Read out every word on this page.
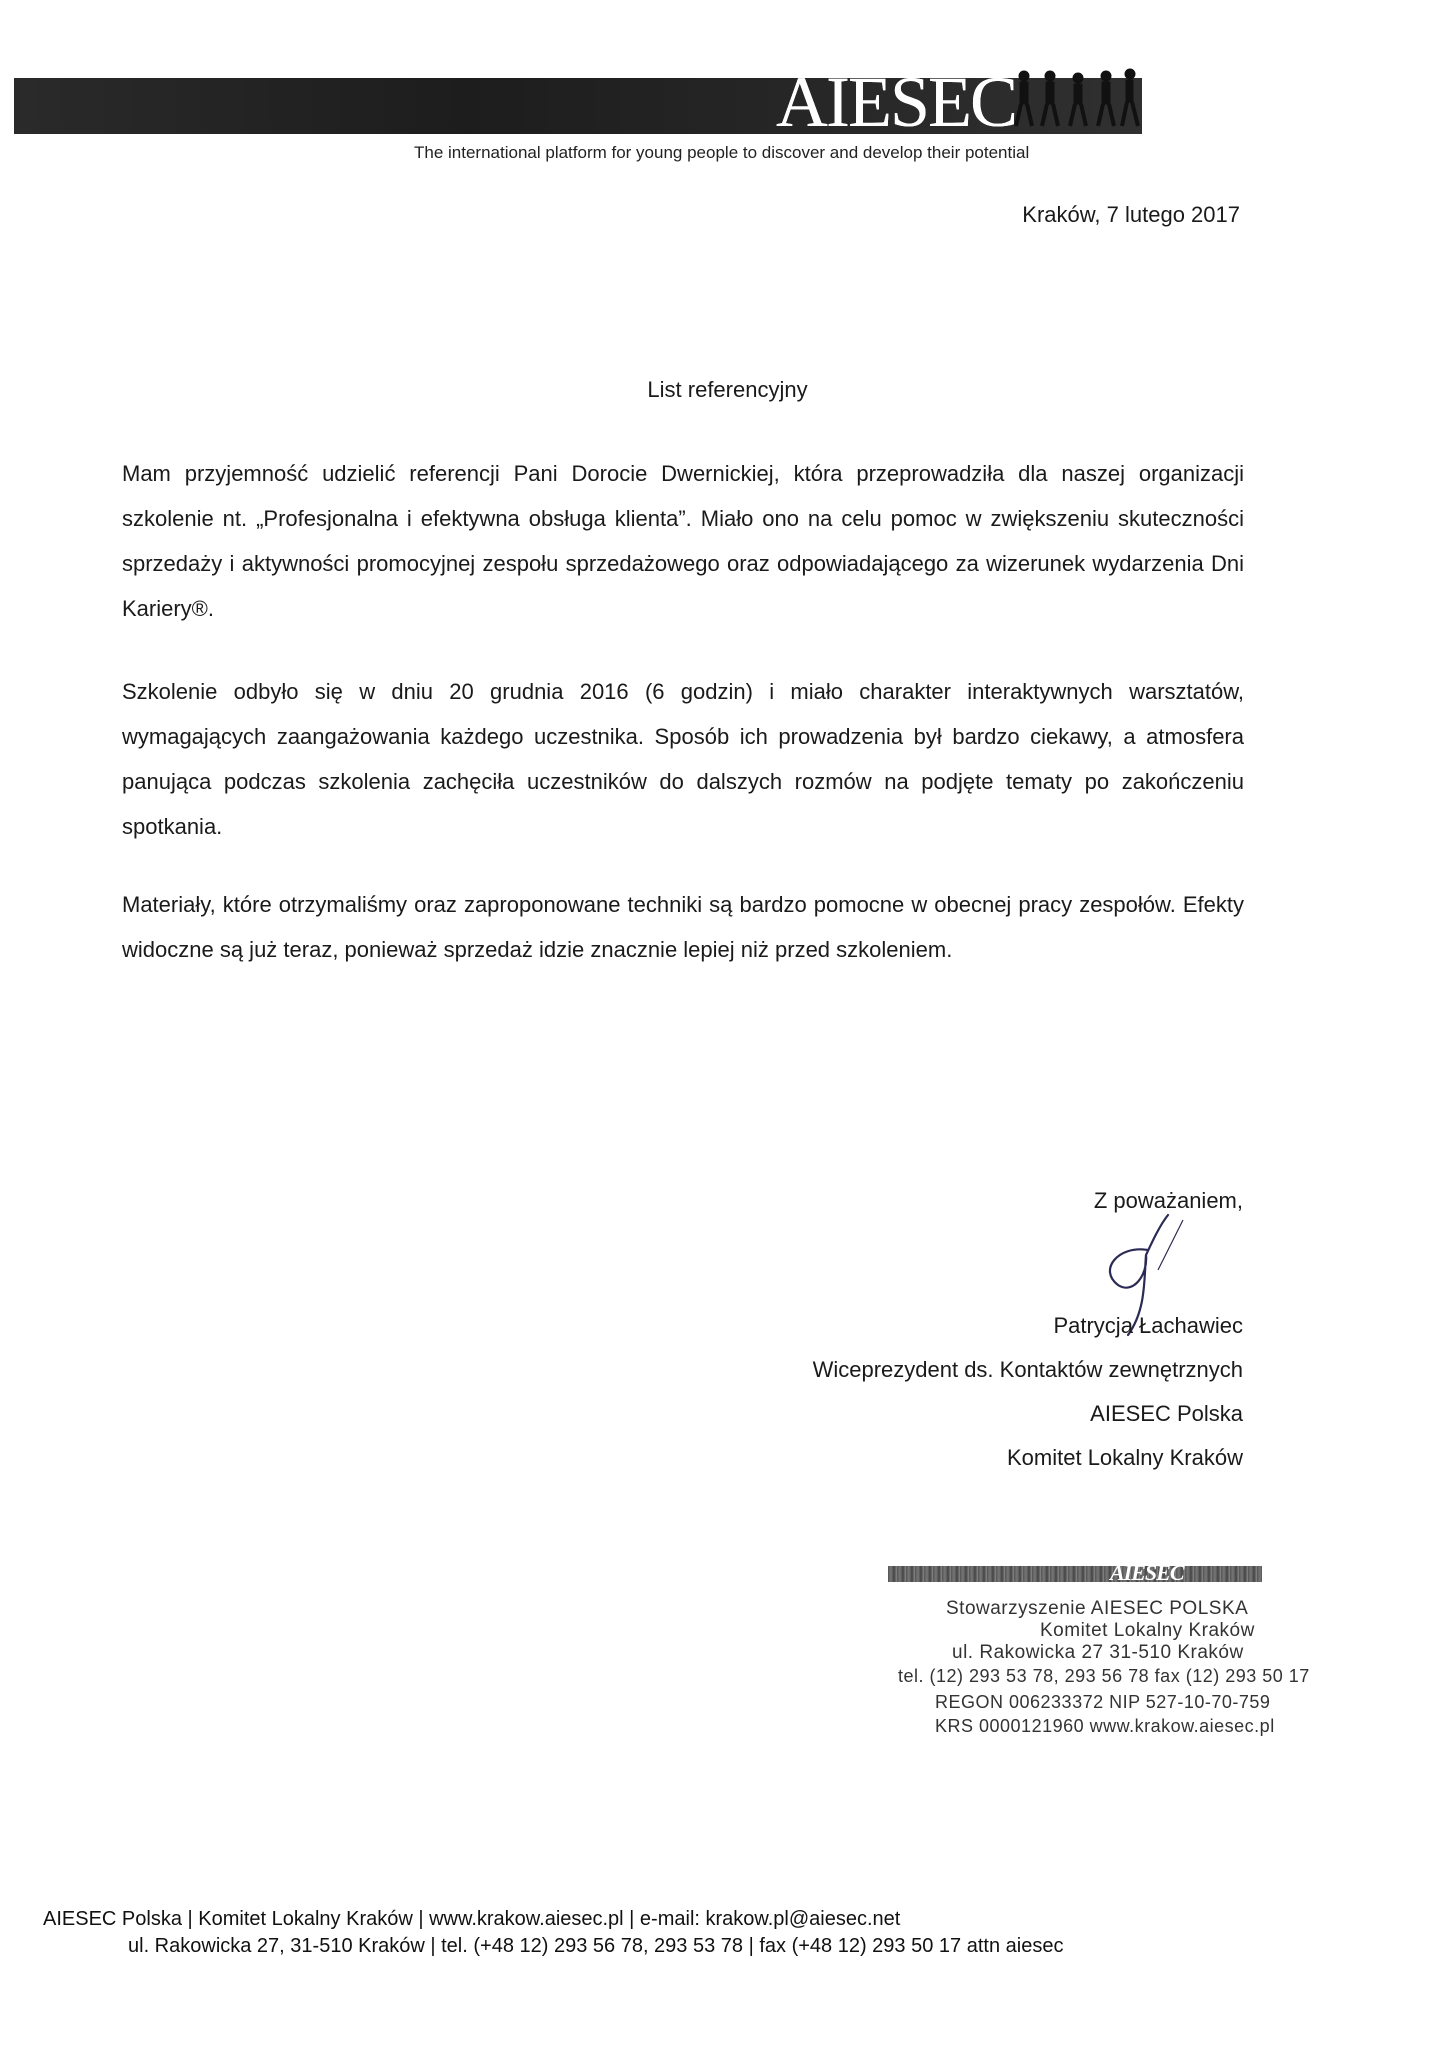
AIESEC
The international platform for young people to discover and develop their potential
Kraków, 7 lutego 2017
List referencyjny
Mam przyjemność udzielić referencji Pani Dorocie Dwernickiej, która przeprowadziła dla naszej organizacji szkolenie nt. „Profesjonalna i efektywna obsługa klienta”. Miało ono na celu pomoc w zwiększeniu skuteczności sprzedaży i aktywności promocyjnej zespołu sprzedażowego oraz odpowiadającego za wizerunek wydarzenia Dni Kariery®.
Szkolenie odbyło się w dniu 20 grudnia 2016 (6 godzin) i miało charakter interaktywnych warsztatów, wymagających zaangażowania każdego uczestnika. Sposób ich prowadzenia był bardzo ciekawy, a atmosfera panująca podczas szkolenia zachęciła uczestników do dalszych rozmów na podjęte tematy po zakończeniu spotkania.
Materiały, które otrzymaliśmy oraz zaproponowane techniki są bardzo pomocne w obecnej pracy zespołów. Efekty widoczne są już teraz, ponieważ sprzedaż idzie znacznie lepiej niż przed szkoleniem.
Z poważaniem,
Patrycja Łachawiec
Wiceprezydent ds. Kontaktów zewnętrznych
AIESEC Polska
Komitet Lokalny Kraków
AIESEC
Stowarzyszenie AIESEC POLSKA
Komitet Lokalny Kraków
ul. Rakowicka 27 31-510 Kraków
tel. (12) 293 53 78, 293 56 78 fax (12) 293 50 17
REGON 006233372 NIP 527-10-70-759
KRS 0000121960 www.krakow.aiesec.pl
AIESEC Polska | Komitet Lokalny Kraków | www.krakow.aiesec.pl | e-mail: krakow.pl@aiesec.net
ul. Rakowicka 27, 31-510 Kraków | tel. (+48 12) 293 56 78, 293 53 78 | fax (+48 12) 293 50 17 attn aiesec
